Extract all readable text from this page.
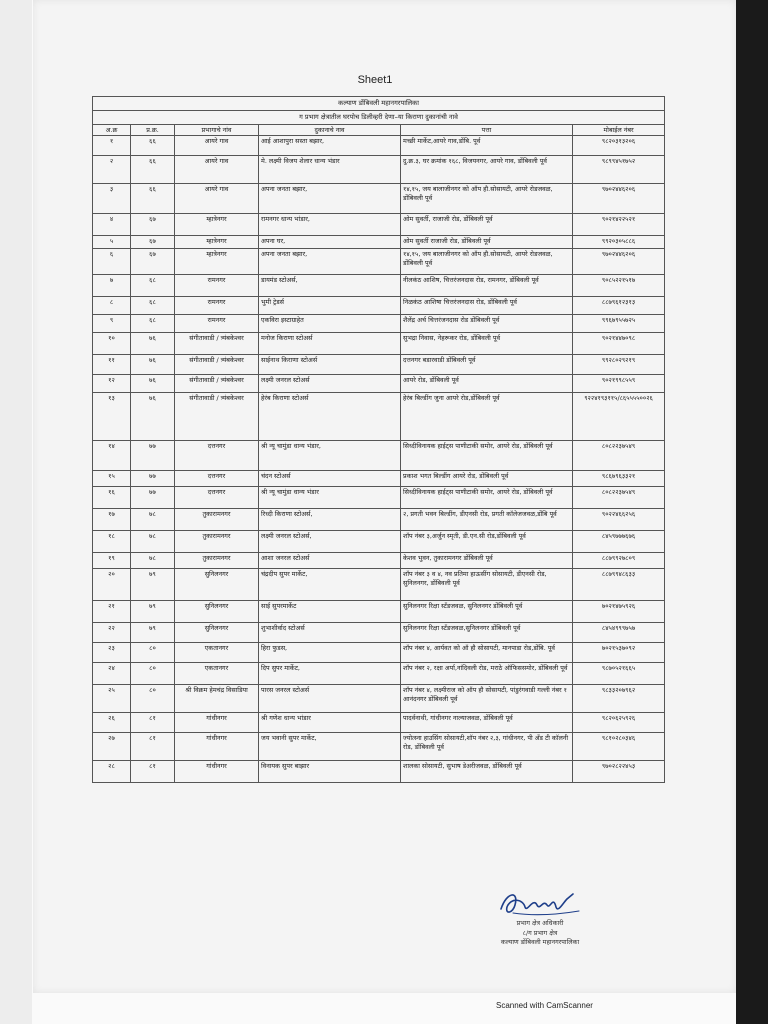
Sheet1
कल्याण डोंबिवली महानगरपालिका					
ग प्रभाग क्षेत्रातील घरपोच डिलीव्हरी देणा–या किराणा दुकानांची नावे					
अ.क्र	प्र.क्र.	प्रभागाचे नांव	दुकानाचे नाव	पत्ता	मोबाईल नंबर
१	६६	आयरे गाव	आई आशापुरा सस्ता बझार,	मच्छी मार्केट,आयरे गाव,डोंबि. पूर्व	९८२०३१३२०६
२	६६	आयरे गाव	मे. लक्ष्मी विजय शेलार धान्य भंडार	दु.क्र.३, घर क्रमांक १६८, विजयनगर, आयरे गाव, डोंबिवली पूर्व	९८९९४५१७५२
३	६६	आयरे गाव	अपना जनता बझार,	१४,१५, जय बालाजीनगर को ऑप हौ.सोसायटी, आयरे रोडजवळ, डोंबिवली पूर्व	९७०२४४६२०६
४	६७	म्हात्रेनगर	रामनगर धान्य भांडार,	ओम सुवर्ती, राजाजी रोड, डोंबिवली पूर्व	९०२१४२२५२१
५	६७	म्हात्रेनगर	अपना घर,	ओम सुवर्ती राजाजी रोड, डोंबिवली पूर्व	९९२०३०५८८६
६	६७	म्हात्रेनगर	अपना जनता बझार,	१४,१५, जय बालाजीनगर को ऑप हौ.सोसायटी, आयरे रोडजवळ, डोंबिवली पूर्व	९७०२४४६२०६
७	६८	रामनगर	डायमंड स्टोअर्स,	नीलकंठ आशिष, चित्तरंजनदास रोड, रामनगर, डोंबिवली पूर्व	९०८५२२१५१७
८	६८	रामनगर	भुमी ट्रेडर्स	निळकंठ आशिषा चित्तरंजनदास रोड, डोंबिवली पूर्व	८८७९६१२३१३
९	६८	रामनगर	एकविरा इस्टाग्राहेत	शैलेंद्र अर्च चित्तरंजनदास रोड डोंबिवली पूर्व	९९६७९५५७२५
१०	७६	संगीतावाडी / त्र्यंबकेश्वर	मनोज किराणा स्टोअर्स	सुभद्रा निवास, नेहरूकर रोड, डोंबिवली पूर्व	९०२१४४७०९८
११	७६	संगीतावाडी / त्र्यंबकेश्वर	साईनाथ किराणा स्टोअर्स	दत्तनगर बडारवाडी डोंबिवली पूर्व	९९२८०२९२१९
१२	७६	संगीतावाडी / त्र्यंबकेश्वर	लक्ष्मी जनरल स्टोअर्स	आयरे रोड, डोंबिवली पूर्व	९०२१९९८५५९
१३	७६	संगीतावाडी / त्र्यंबकेश्वर	हेरंब किराणा स्टोअर्स	हेरंब बिल्डींग जुना आयरे रोड,डोंबिवली पूर्व	९२२४१९३११५/८६५५५५००२६
१४	७७	दत्तनगर	श्री न्यू चामुंडा धान्य भंडार,	सिध्दीविनायक हाईट्स पाणीटाकी समोर, आयरे रोड, डोंबिवली पूर्व	८०८२२३७५४९
१५	७७	दत्तनगर	चंदन स्टोअर्स	प्रकाश भगत बिल्डींग आयरे रोड, डोंबिवली पूर्व	९८६७९६३३२१
१६	७७	दत्तनगर	श्री न्यू चामुंडा धान्य भंडार	सिध्दीविनायक हाईट्स पाणीटाकी समोर, आयरे रोड, डोंबिवली पूर्व	८०८२२३७५४९
१७	७८	तुकारामनगर	रिध्दी किराणा स्टोअर्स,	२, प्रगती भवन बिल्डींग, डीएनसी रोड, प्रगती कॉलेजजवळ,डोंबि पूर्व	९०२२४६६२५६
१८	७८	तुकारामनगर	लक्ष्मी जनरल स्टोअर्स,	शॉप नंबर ३,अर्जुन स्मृती, डी.एन.सी रोड,डोंबिवली पूर्व	८४५९७७७६७६
१९	७८	तुकारामनगर	आशा जनरल स्टोअर्स	केशव भुवन, तुकारामनगर डोंबिवली पूर्व	८८७९९२७८०९
२०	७९	सुनिलनगर	चंद्रदीप सुपर मार्केट,	शॉप नंबर ३ व ४, नव प्रतिमा हाऊसींग सोसायटी, डीएनसी रोड, सुनिलनगर, डोंबिवली पूर्व	८८७९९४८६३३
२१	७९	सुनिलनगर	साई सुपरमार्केट	सुनिलनगर रिक्षा स्टँडजवळ, सुनिलनगर डोंबिवली पूर्व	७०२१४७५९२६
२२	७९	सुनिलनगर	शुभाशीर्वाद स्टोअर्स	सुनिलनगर रिक्षा स्टँडजवळ,सुनिलनगर डोंबिवली पूर्व	८४५४९९९७५७
२३	८०	एकतानगर	हिरा फुडस,	शॉप नंबर ४, आर्यवत को ऑ हौ सोसायटी, मानपाडा रोड,डोंबि. पूर्व	७०२१५३७०९२
२४	८०	एकतानगर	दिप सुपर मार्केट,	शॉप नंबर २, रक्षा अर्पा,नांदिवली रोड, मराठे ऑफिससमोर, डोंबिवली पूर्व	९८७०५२१६६५
२५	८०	श्री विक्रम हेमचंद्र विसाडिया	पारस जनरल स्टोअर्स	शॉप नंबर ४, लक्ष्मीराज को ऑप हौ सोसायटी, पांडुरंगवाडी गल्ली नंबर १ आनंदनगर डोंबिवली पूर्व	९८३३२०७९६२
२६	८१	गांधीनगर	श्री गणेश धान्य भांडार	पादर्वनाथी, गांधीनगर नाल्याजवळ, डोंबिवली पूर्व	९८२०६२५९२६
२७	८१	गांधीनगर	जय भवानी सुपर मार्केट,	ज्योत्स्ना हाउसिंग सोसायटी,शॉप नंबर २,३, गांधीनगर, पी अँड टी कॉलनी रोड, डोंबिवली पूर्व	९८१०२८०३४६
२८	८१	गांधीनगर	विनायक सुपर बाझार	शालका सोसायटी, सुभाष डेअरीजवळ, डोंबिवली पूर्व	९७०२८२२४५३
प्रभाग क्षेत्र अधिकारी
८/ग प्रभाग क्षेत्र
कल्याण डोंबिवली महानगरपालिका
Scanned with CamScanner
